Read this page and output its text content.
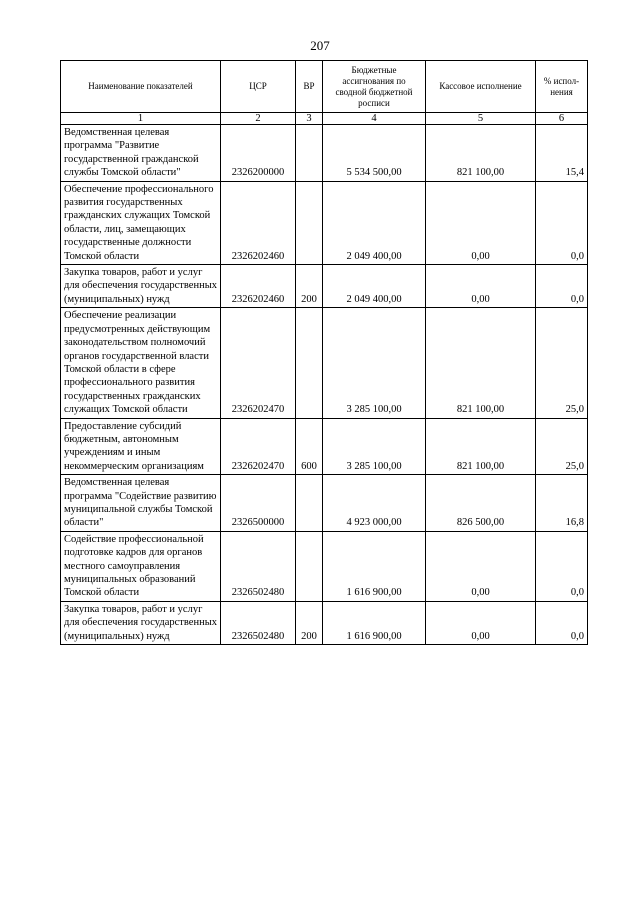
207
Наименование показателей	ЦСР	ВР	Бюджетные ассигнования по сводной бюджетной росписи	Кассовое исполнение	% испол-нения
1	2	3	4	5	6
Ведомственная целевая программа "Развитие государственной гражданской службы Томской области"	2326200000		5 534 500,00	821 100,00	15,4
Обеспечение профессионального развития государственных гражданских служащих Томской области, лиц, замещающих государственные должности Томской области	2326202460		2 049 400,00	0,00	0,0
Закупка товаров, работ и услуг для обеспечения государственных (муниципальных) нужд	2326202460	200	2 049 400,00	0,00	0,0
Обеспечение реализации предусмотренных действующим законодательством полномочий органов государственной власти Томской области в сфере профессионального развития государственных гражданских служащих Томской области	2326202470		3 285 100,00	821 100,00	25,0
Предоставление субсидий бюджетным, автономным учреждениям и иным некоммерческим организациям	2326202470	600	3 285 100,00	821 100,00	25,0
Ведомственная целевая программа "Содействие развитию муниципальной службы Томской области"	2326500000		4 923 000,00	826 500,00	16,8
Содействие профессиональной подготовке кадров для органов местного самоуправления муниципальных образований Томской области	2326502480		1 616 900,00	0,00	0,0
Закупка товаров, работ и услуг для обеспечения государственных (муниципальных) нужд	2326502480	200	1 616 900,00	0,00	0,0
